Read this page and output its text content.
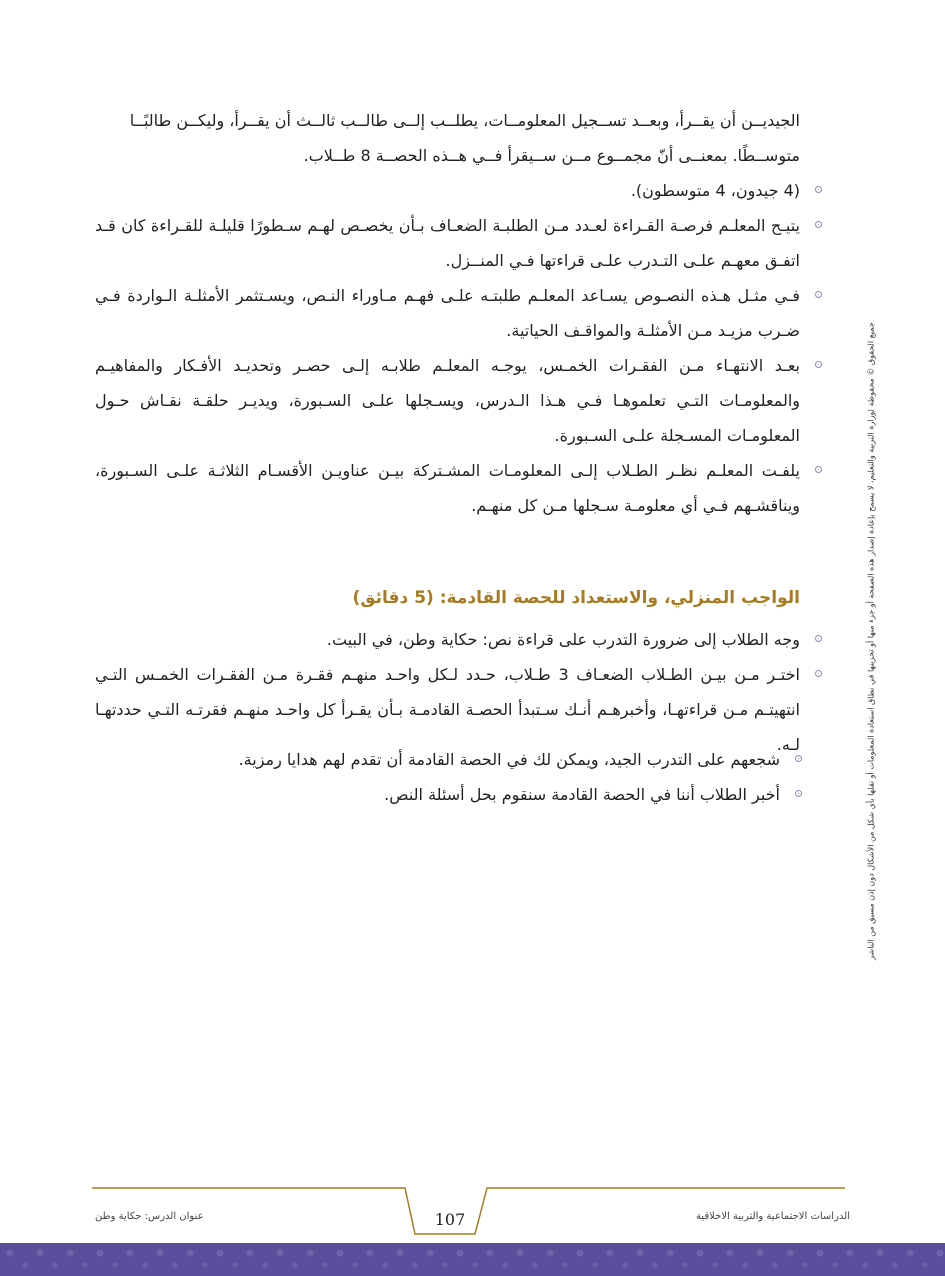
الجيديــن أن يقــرأ، وبعــد تســجيل المعلومــات، يطلــب إلــى طالــب ثالــث أن يقــرأ، وليكــن طالبًــا

متوســطًا. بمعنــى أنّ مجمــوع مــن ســيقرأ فــي هــذه الحصــة 8 طــلاب.

(4 جيدون، 4 متوسطون).
يتيـح المعلـم فرصـة القـراءة لعـدد مـن الطلبـة الضعـاف بـأن يخصـص لهـم سـطورًا قليلـة للقـراءة كان قـد اتفـق معهـم علـى التـدرب علـى قراءتها فـي المنــزل.
فـي مثـل هـذه النصـوص يسـاعد المعلـم طلبتـه علـى فهـم مـاوراء النـص، ويسـتثمر الأمثلـة الـواردة فـي ضـرب مزيـد مـن الأمثلـة والمواقـف الحياتية.
بعـد الانتهـاء مـن الفقـرات الخمـس، يوجـه المعلـم طلابـه إلـى حصـر وتحديـد الأفـكار والمفاهيـم والمعلومـات التـي تعلموهـا فـي هـذا الـدرس، ويسـجلها علـى السـبورة، ويديـر حلقـة نقـاش حـول المعلومـات المسـجلة علـى السـبورة.
يلفـت المعلـم نظـر الطـلاب إلـى المعلومـات المشـتركة بيـن عناويـن الأقسـام الثلاثـة علـى السـبورة، ويناقشـهم فـي أي معلومـة سـجلها مـن كل منهـم.
الواجب المنزلي، والاستعداد للحصة القادمة: (5 دقائق)
وجه الطلاب إلى ضرورة التدرب على قراءة نص: حكاية وطن، في البيت.
اختـر مـن بيـن الطـلاب الضعـاف 3 طـلاب، حـدد لـكل واحـد منهـم فقـرة مـن الفقـرات الخمـس التـي انتهيتـم مـن قراءتهـا، وأخبرهـم أنـك سـتبدأ الحصـة القادمـة بـأن يقـرأ كل واحـد منهـم فقرتـه التـي حددتهـا لـه.
شجعهم على التدرب الجيد، ويمكن لك في الحصة القادمة أن تقدم لهم هدايا رمزية.
أخبر الطلاب أننا في الحصة القادمة سنقوم بحل أسئلة النص.	جميع الحقوق © محفوظة لوزارة التربية والتعليم، لا يسمح بإعادة إصدار هذه الصفحة أو جزء منها أو تخزينها في نطاق استعادة المعلومات أو نقلها بأي شكل من الأشكال دون إذن مسبق من الناشر
107
عنوان الدرس: حكاية وطن	الدراسات الاجتماعية والتربية الاخلاقية
